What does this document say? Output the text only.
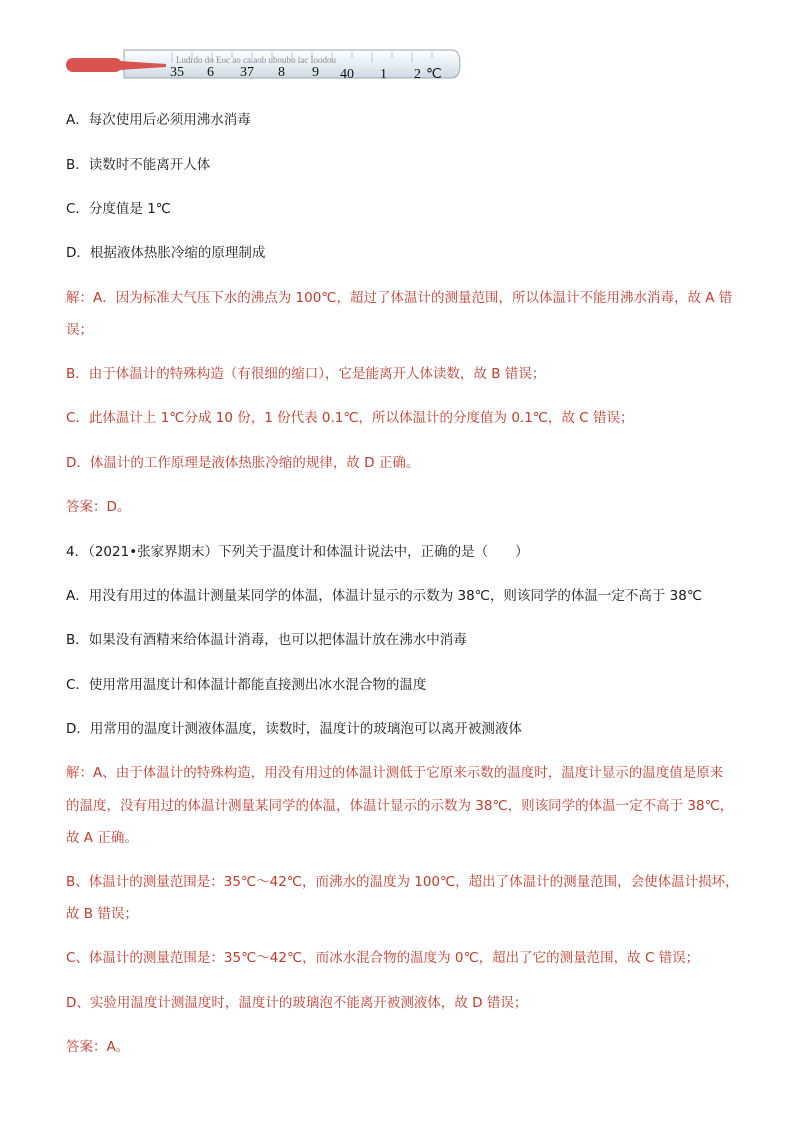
Ludrdo do Eoc ao ca.aob uboubo lac Ioodou
35 6 37 8 9 40 1 2 ℃
A．每次使用后必须用沸水消毒
B．读数时不能离开人体
C．分度值是 1℃
D．根据液体热胀冷缩的原理制成
解：A．因为标准大气压下水的沸点为 100℃，超过了体温计的测量范围，所以体温计不能用沸水消毒，故 A 错
误；
B．由于体温计的特殊构造（有很细的缩口），它是能离开人体读数，故 B 错误；
C．此体温计上 1℃分成 10 份，1 份代表 0.1℃，所以体温计的分度值为 0.1℃，故 C 错误；
D．体温计的工作原理是液体热胀冷缩的规律，故 D 正确。
答案：D。
4．（2021•张家界期末）下列关于温度计和体温计说法中，正确的是（　　）
A．用没有用过的体温计测量某同学的体温，体温计显示的示数为 38℃，则该同学的体温一定不高于 38℃
B．如果没有酒精来给体温计消毒，也可以把体温计放在沸水中消毒
C．使用常用温度计和体温计都能直接测出冰水混合物的温度
D．用常用的温度计测液体温度，读数时，温度计的玻璃泡可以离开被测液体
解：A、由于体温计的特殊构造，用没有用过的体温计测低于它原来示数的温度时，温度计显示的温度值是原来
的温度，没有用过的体温计测量某同学的体温，体温计显示的示数为 38℃，则该同学的体温一定不高于 38℃，
故 A 正确。
B、体温计的测量范围是：35℃～42℃，而沸水的温度为 100℃，超出了体温计的测量范围，会使体温计损坏，
故 B 错误；
C、体温计的测量范围是：35℃～42℃，而冰水混合物的温度为 0℃，超出了它的测量范围，故 C 错误；
D、实验用温度计测温度时，温度计的玻璃泡不能离开被测液体，故 D 错误；
答案：A。
